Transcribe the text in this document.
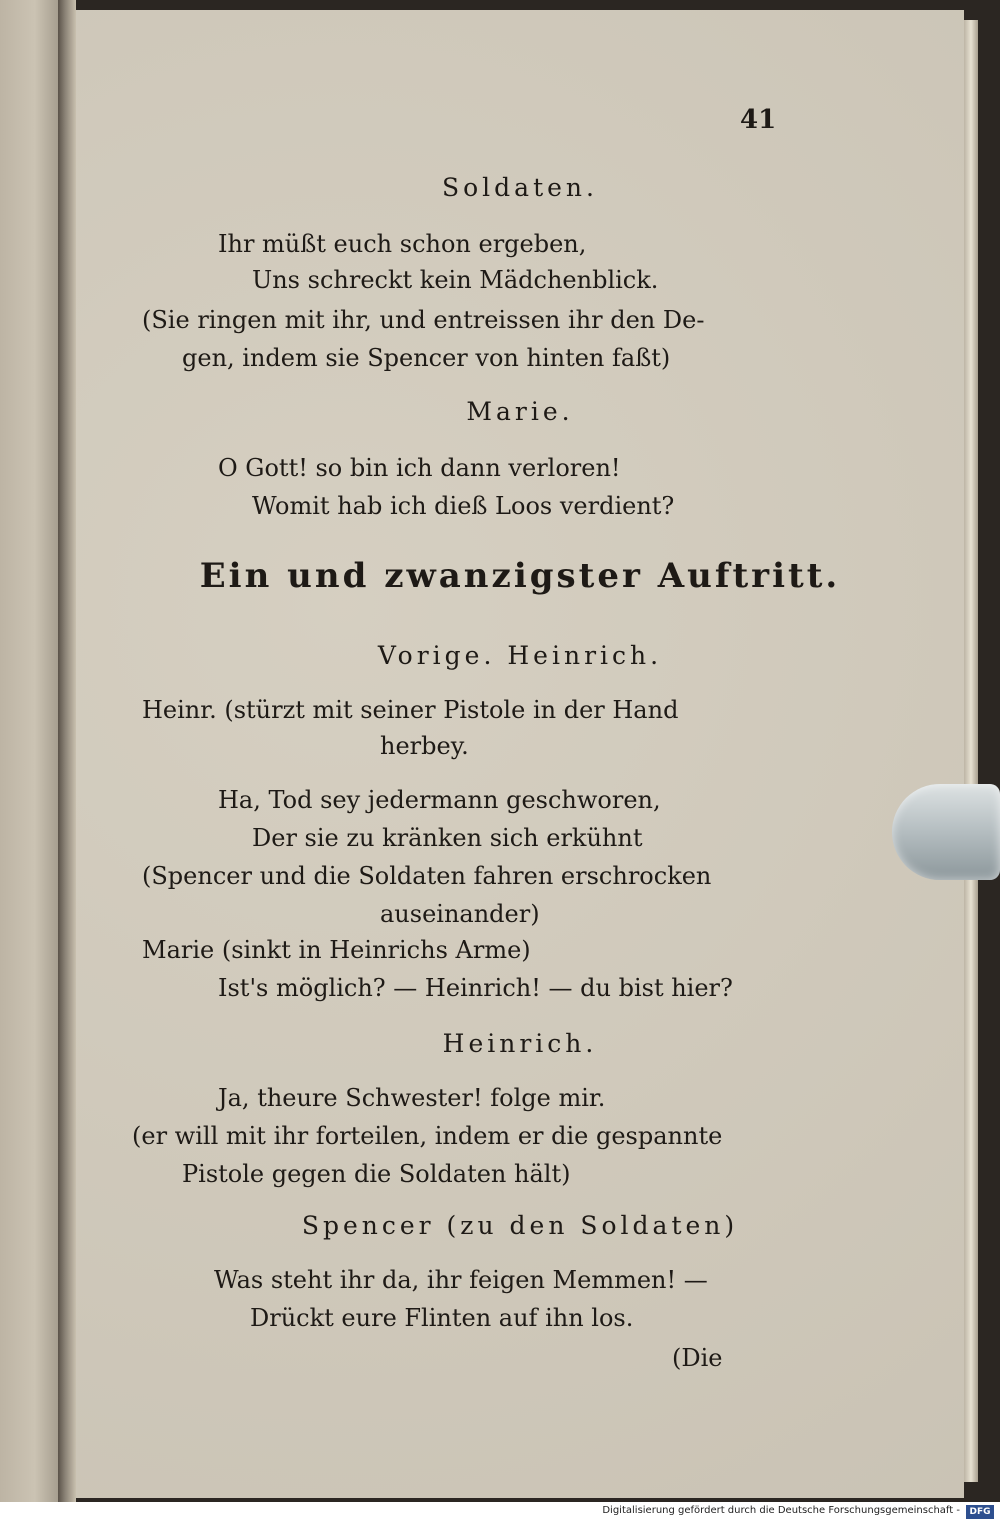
41

Soldaten.

Ihr müßt euch schon ergeben,

Uns schreckt kein Mädchenblick.

(Sie ringen mit ihr, und entreissen ihr den De-

gen, indem sie Spencer von hinten faßt)

Marie.

O Gott! so bin ich dann verloren!

Womit hab ich dieß Loos verdient?

Ein und zwanzigster Auftritt.

Vorige. Heinrich.

Heinr. (stürzt mit seiner Pistole in der Hand

herbey.

Ha, Tod sey jedermann geschworen,

Der sie zu kränken sich erkühnt

(Spencer und die Soldaten fahren erschrocken

auseinander)

Marie (sinkt in Heinrichs Arme)

Ist's möglich? — Heinrich! — du bist hier?

Heinrich.

Ja, theure Schwester! folge mir.

(er will mit ihr forteilen, indem er die gespannte

Pistole gegen die Soldaten hält)

Spencer (zu den Soldaten)

Was steht ihr da, ihr feigen Memmen! —

Drückt eure Flinten auf ihn los.

(Die

Digitalisierung gefördert durch die Deutsche Forschungsgemeinschaft -	DFG
